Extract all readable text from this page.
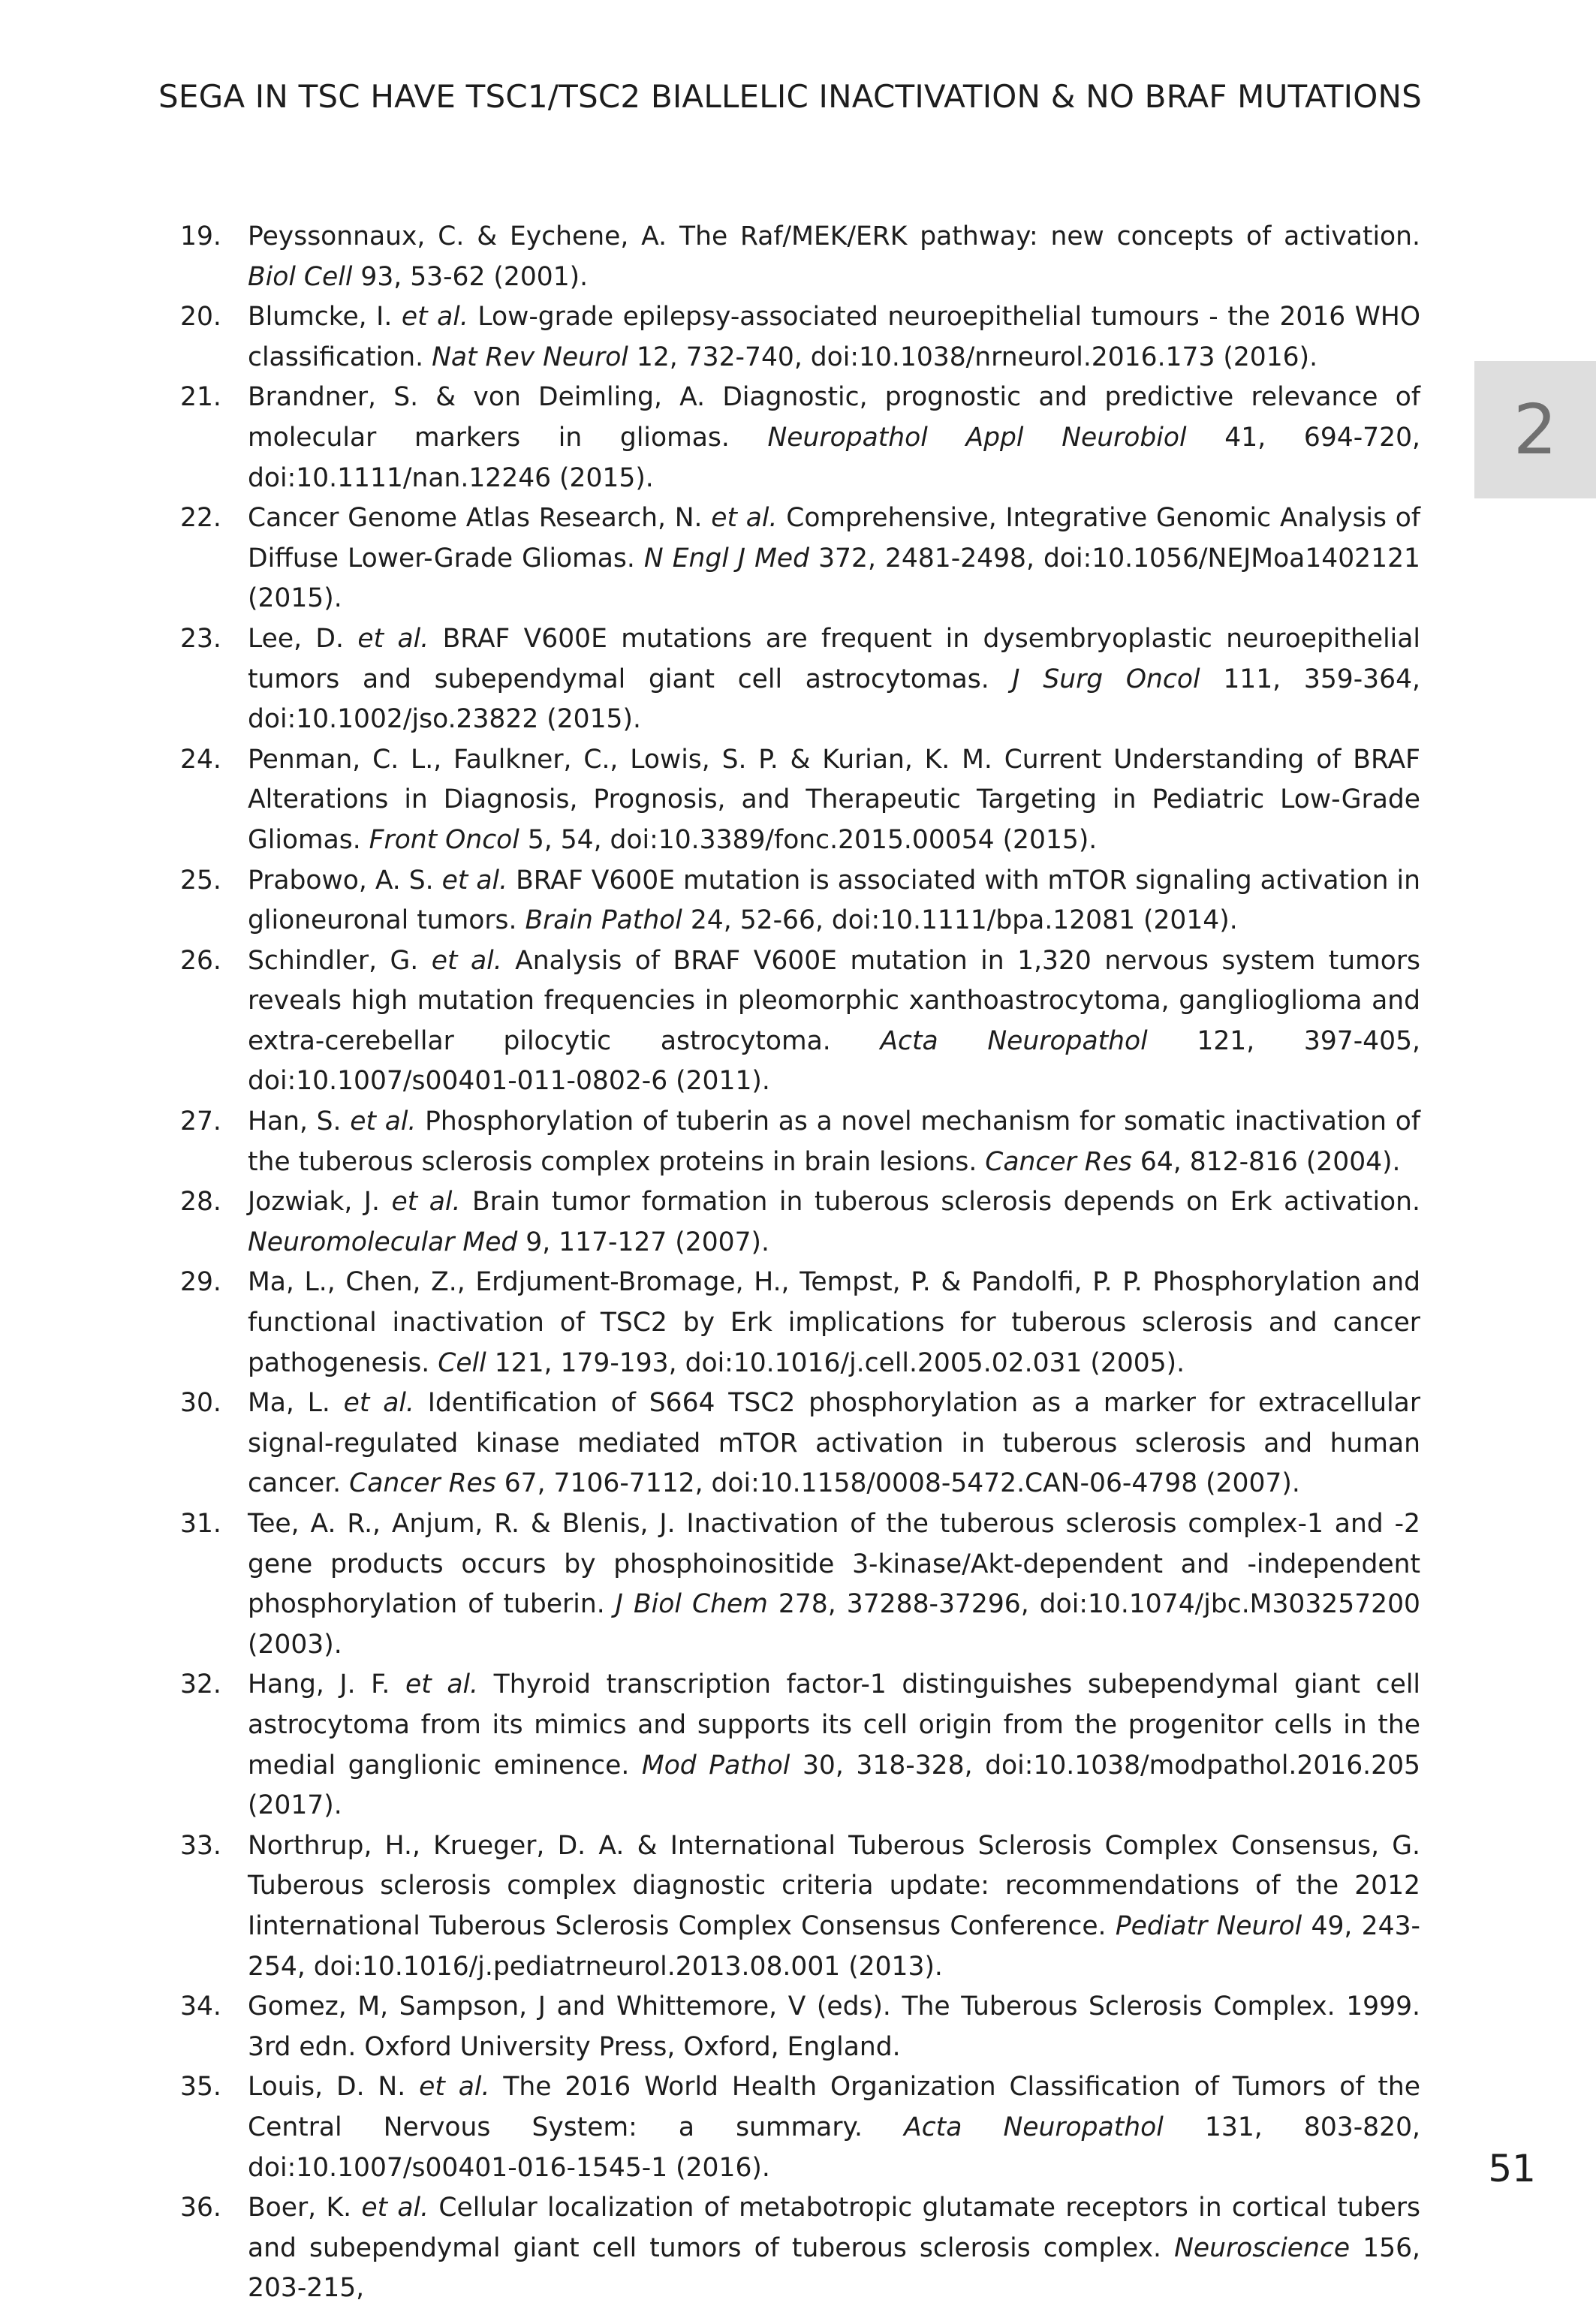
SEGA IN TSC HAVE TSC1/TSC2 BIALLELIC INACTIVATION & NO BRAF MUTATIONS
2
19. Peyssonnaux, C. & Eychene, A. The Raf/MEK/ERK pathway: new concepts of activation. Biol Cell 93, 53-62 (2001).
20. Blumcke, I. et al. Low-grade epilepsy-associated neuroepithelial tumours - the 2016 WHO classification. Nat Rev Neurol 12, 732-740, doi:10.1038/nrneurol.2016.173 (2016).
21. Brandner, S. & von Deimling, A. Diagnostic, prognostic and predictive relevance of molecular markers in gliomas. Neuropathol Appl Neurobiol 41, 694-720, doi:10.1111/nan.12246 (2015).
22. Cancer Genome Atlas Research, N. et al. Comprehensive, Integrative Genomic Analysis of Diffuse Lower-Grade Gliomas. N Engl J Med 372, 2481-2498, doi:10.1056/NEJMoa1402121 (2015).
23. Lee, D. et al. BRAF V600E mutations are frequent in dysembryoplastic neuroepithelial tumors and subependymal giant cell astrocytomas. J Surg Oncol 111, 359-364, doi:10.1002/jso.23822 (2015).
24. Penman, C. L., Faulkner, C., Lowis, S. P. & Kurian, K. M. Current Understanding of BRAF Alterations in Diagnosis, Prognosis, and Therapeutic Targeting in Pediatric Low-Grade Gliomas. Front Oncol 5, 54, doi:10.3389/fonc.2015.00054 (2015).
25. Prabowo, A. S. et al. BRAF V600E mutation is associated with mTOR signaling activation in glioneuronal tumors. Brain Pathol 24, 52-66, doi:10.1111/bpa.12081 (2014).
26. Schindler, G. et al. Analysis of BRAF V600E mutation in 1,320 nervous system tumors reveals high mutation frequencies in pleomorphic xanthoastrocytoma, ganglioglioma and extra-cerebellar pilocytic astrocytoma. Acta Neuropathol 121, 397-405, doi:10.1007/s00401-011-0802-6 (2011).
27. Han, S. et al. Phosphorylation of tuberin as a novel mechanism for somatic inactivation of the tuberous sclerosis complex proteins in brain lesions. Cancer Res 64, 812-816 (2004).
28. Jozwiak, J. et al. Brain tumor formation in tuberous sclerosis depends on Erk activation. Neuromolecular Med 9, 117-127 (2007).
29. Ma, L., Chen, Z., Erdjument-Bromage, H., Tempst, P. & Pandolfi, P. P. Phosphorylation and functional inactivation of TSC2 by Erk implications for tuberous sclerosis and cancer pathogenesis. Cell 121, 179-193, doi:10.1016/j.cell.2005.02.031 (2005).
30. Ma, L. et al. Identification of S664 TSC2 phosphorylation as a marker for extracellular signal-regulated kinase mediated mTOR activation in tuberous sclerosis and human cancer. Cancer Res 67, 7106-7112, doi:10.1158/0008-5472.CAN-06-4798 (2007).
31. Tee, A. R., Anjum, R. & Blenis, J. Inactivation of the tuberous sclerosis complex-1 and -2 gene products occurs by phosphoinositide 3-kinase/Akt-dependent and -independent phosphorylation of tuberin. J Biol Chem 278, 37288-37296, doi:10.1074/jbc.M303257200 (2003).
32. Hang, J. F. et al. Thyroid transcription factor-1 distinguishes subependymal giant cell astrocytoma from its mimics and supports its cell origin from the progenitor cells in the medial ganglionic eminence. Mod Pathol 30, 318-328, doi:10.1038/modpathol.2016.205 (2017).
33. Northrup, H., Krueger, D. A. & International Tuberous Sclerosis Complex Consensus, G. Tuberous sclerosis complex diagnostic criteria update: recommendations of the 2012 Iinternational Tuberous Sclerosis Complex Consensus Conference. Pediatr Neurol 49, 243-254, doi:10.1016/j.pediatrneurol.2013.08.001 (2013).
34. Gomez, M, Sampson, J and Whittemore, V (eds). The Tuberous Sclerosis Complex. 1999. 3rd edn. Oxford University Press, Oxford, England.
35. Louis, D. N. et al. The 2016 World Health Organization Classification of Tumors of the Central Nervous System: a summary. Acta Neuropathol 131, 803-820, doi:10.1007/s00401-016-1545-1 (2016).
36. Boer, K. et al. Cellular localization of metabotropic glutamate receptors in cortical tubers and subependymal giant cell tumors of tuberous sclerosis complex. Neuroscience 156, 203-215,
51
